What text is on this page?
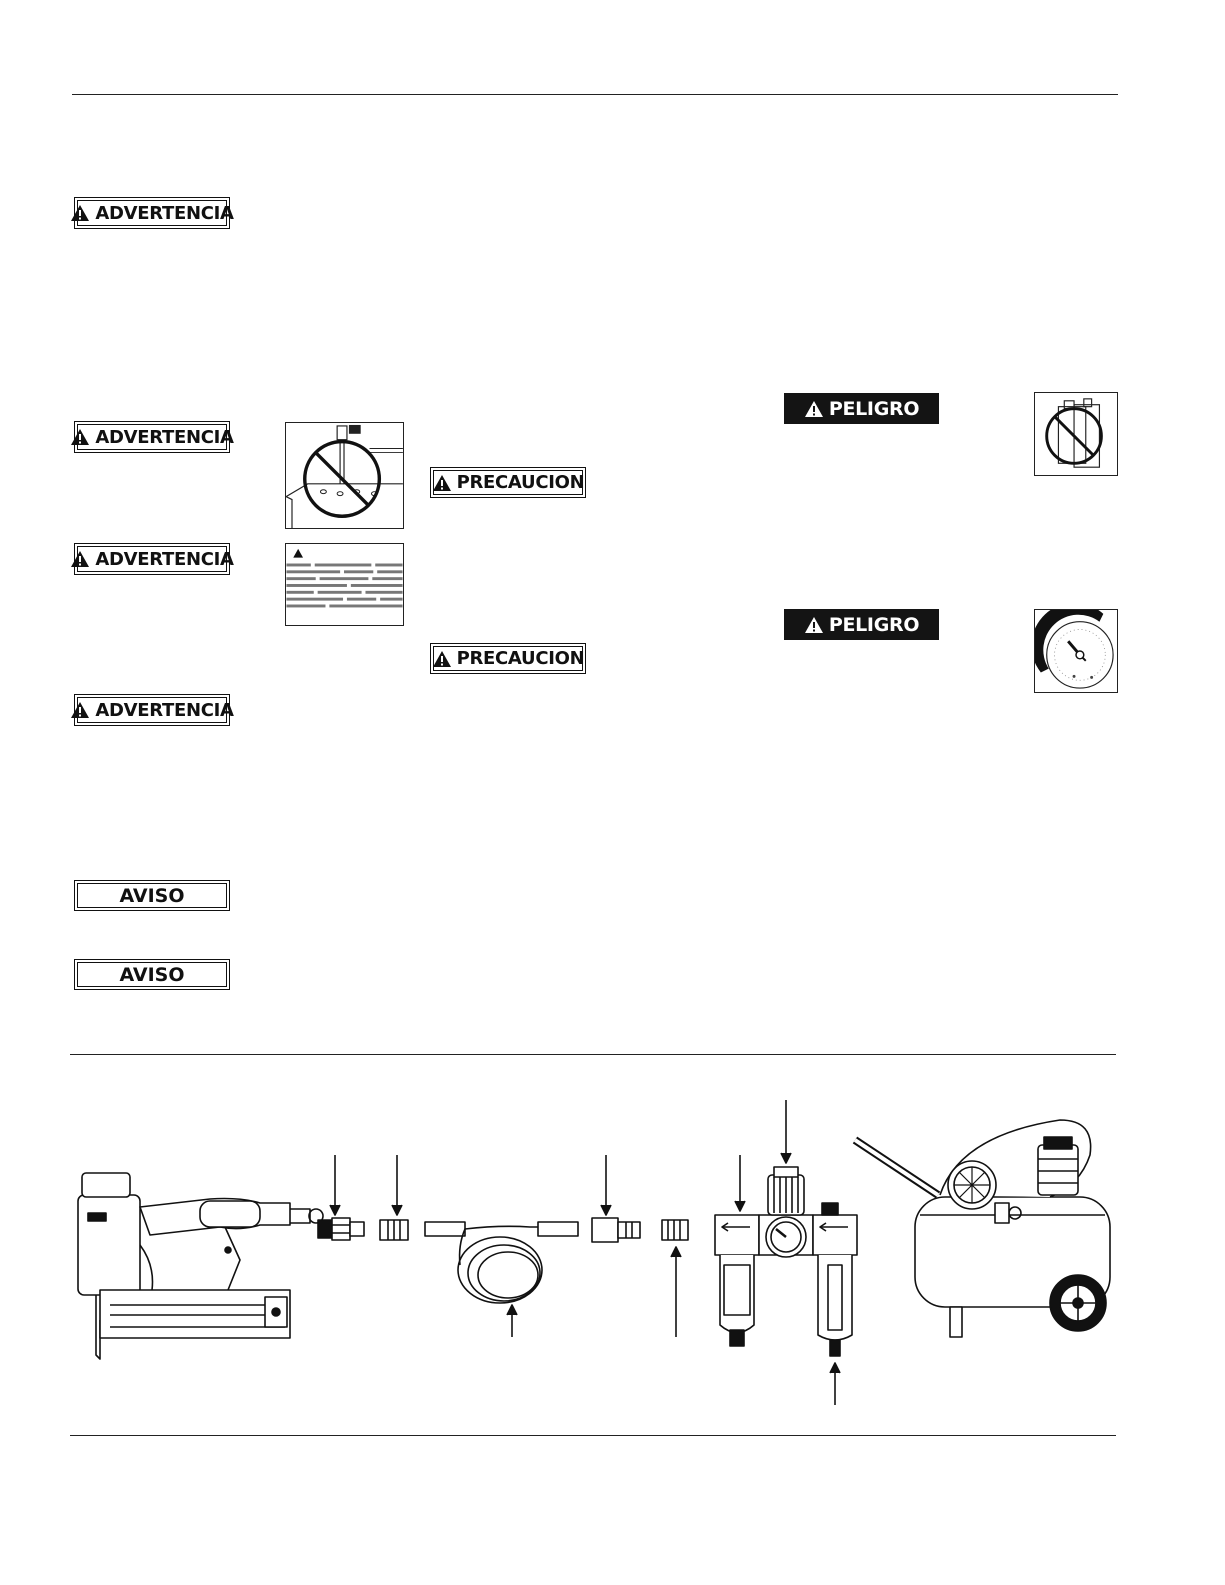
ADVERTENCIA
ADVERTENCIA
ADVERTENCIA
ADVERTENCIA
PRECAUCION
PRECAUCION
PELIGRO
PELIGRO
AVISO
AVISO
